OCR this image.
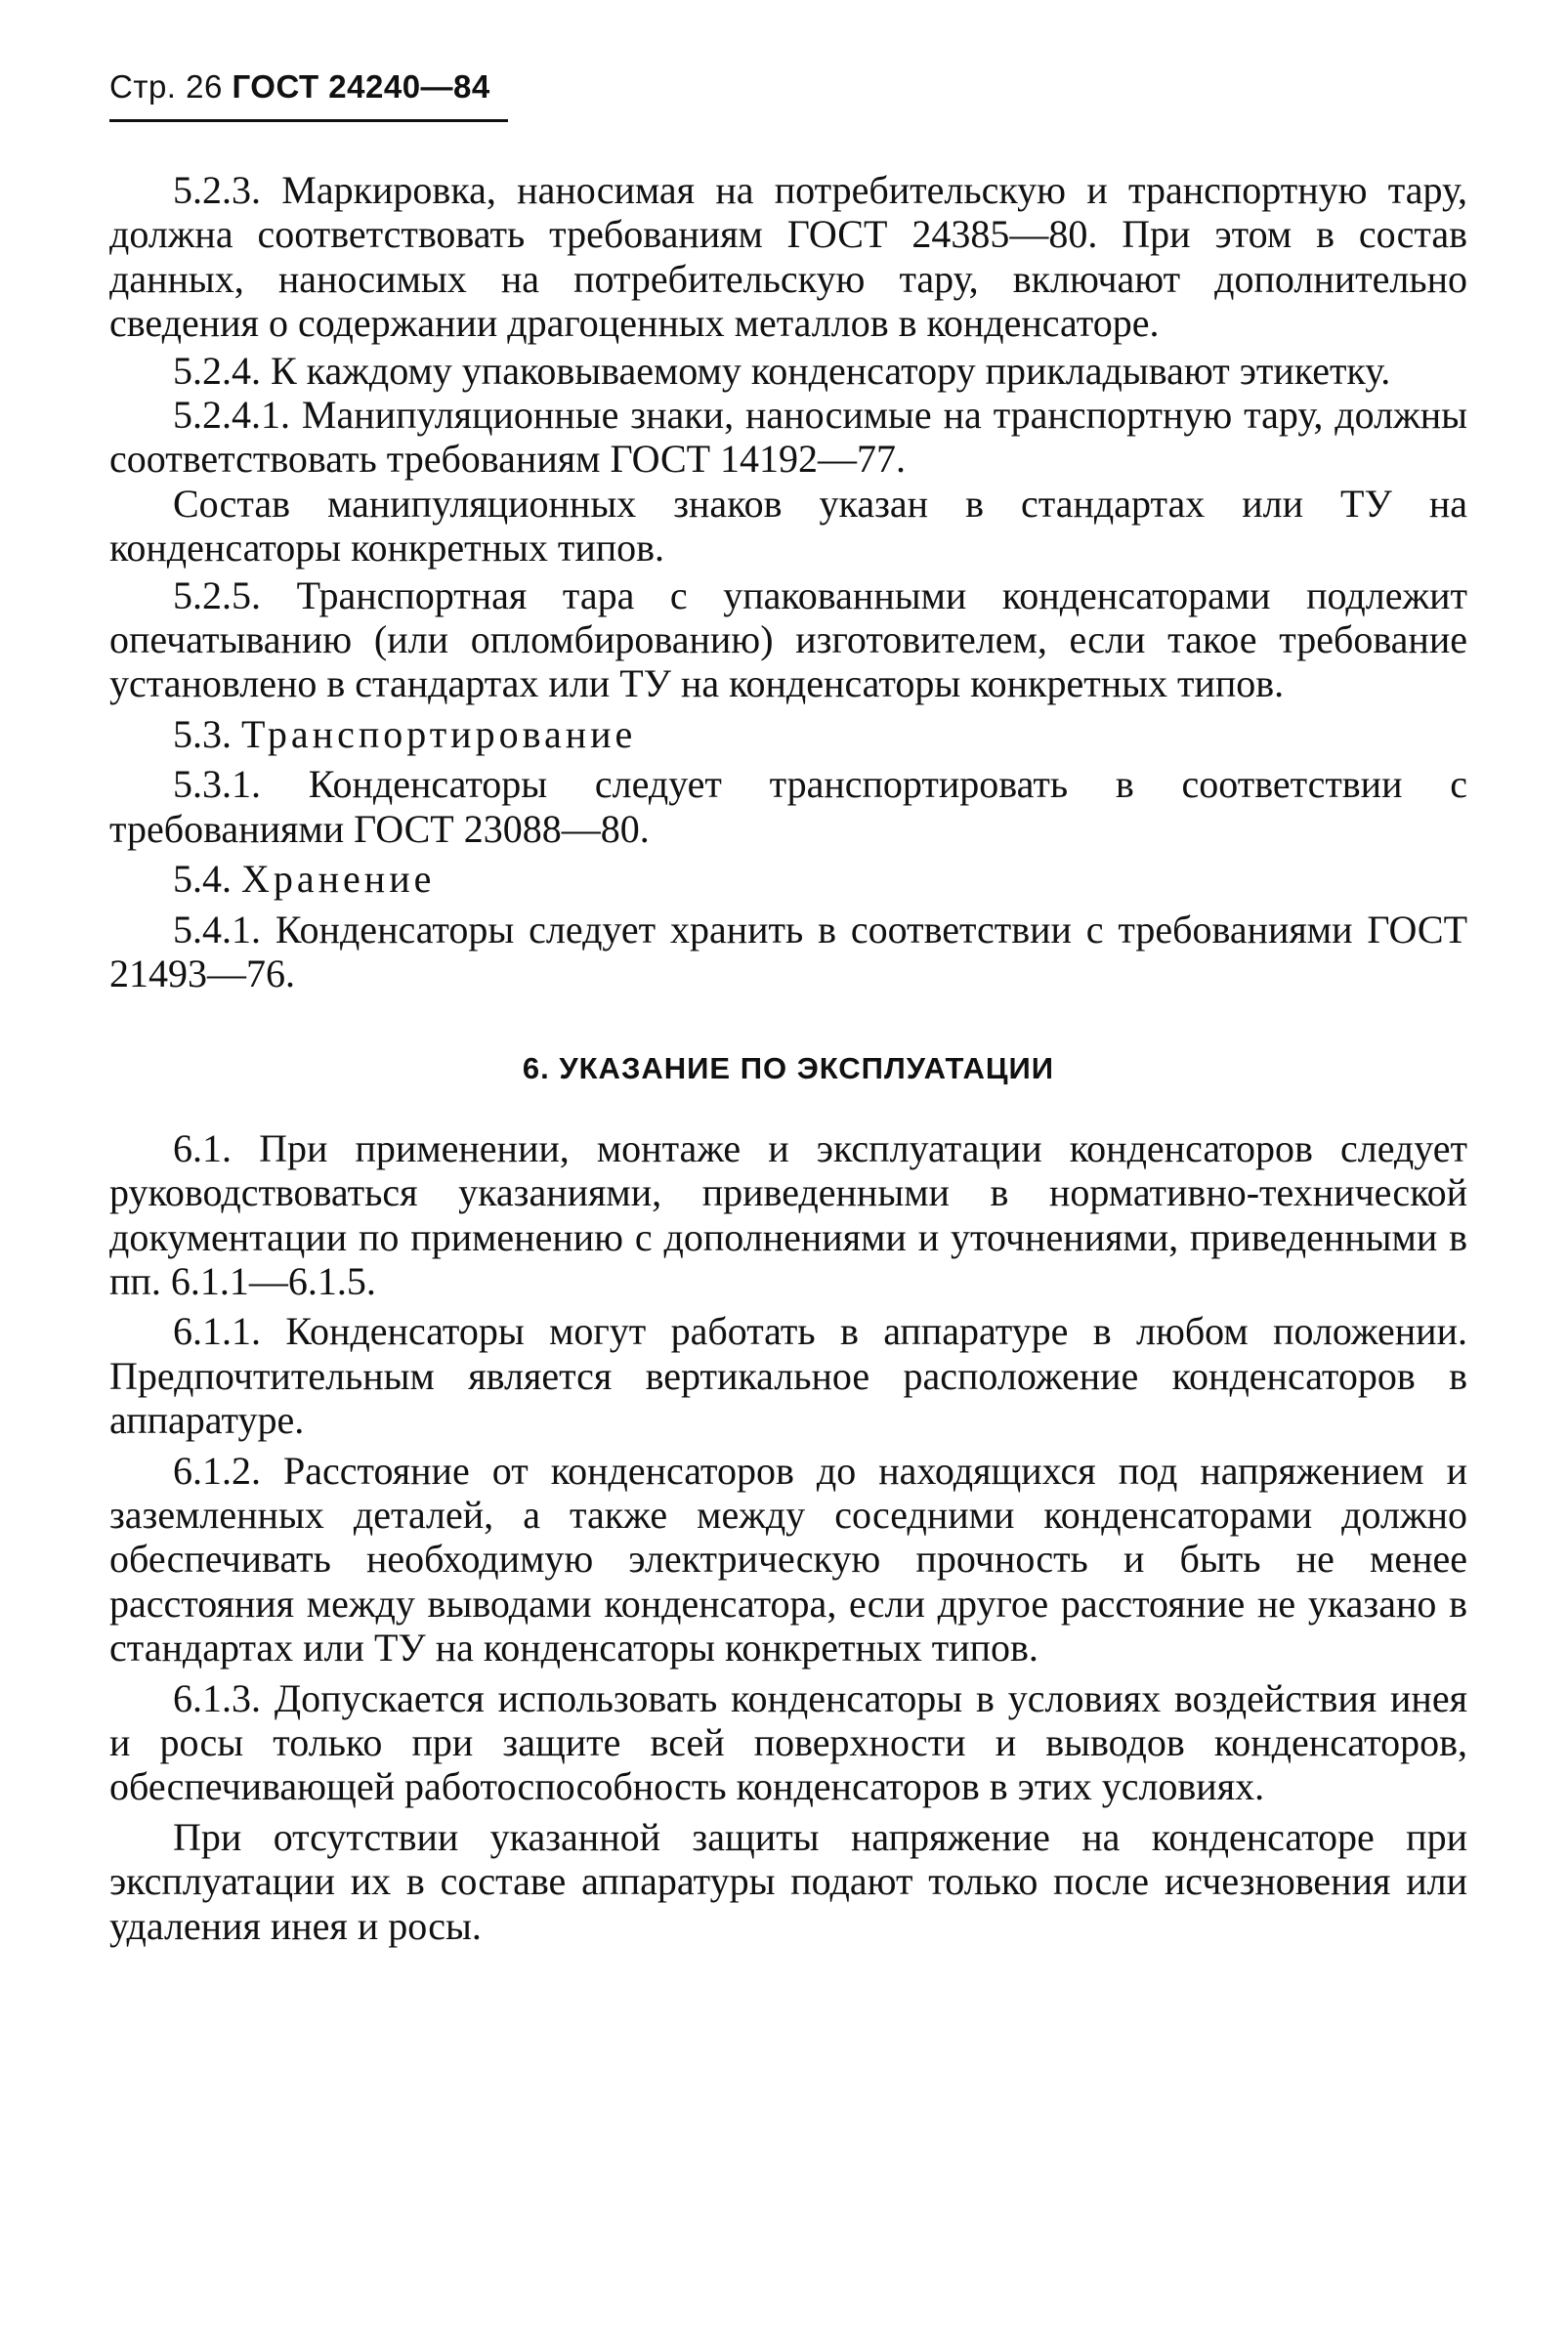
Стр. 26 ГОСТ 24240—84

5.2.3. Маркировка, наносимая на потребительскую и транспортную тару, должна соответствовать требованиям ГОСТ 24385—80. При этом в состав данных, наносимых на потребительскую тару, включают дополнительно сведения о содержании драгоценных металлов в конденсаторе.

5.2.4. К каждому упаковываемому конденсатору прикладывают этикетку.

5.2.4.1. Манипуляционные знаки, наносимые на транспортную тару, должны соответствовать требованиям ГОСТ 14192—77.

Состав манипуляционных знаков указан в стандартах или ТУ на конденсаторы конкретных типов.

5.2.5. Транспортная тара с упакованными конденсаторами подлежит опечатыванию (или опломбированию) изготовителем, если такое требование установлено в стандартах или ТУ на конденсаторы конкретных типов.

5.3. Транспортирование

5.3.1. Конденсаторы следует транспортировать в соответствии с требованиями ГОСТ 23088—80.

5.4. Хранение

5.4.1. Конденсаторы следует хранить в соответствии с требованиями ГОСТ 21493—76.

6. УКАЗАНИЕ ПО ЭКСПЛУАТАЦИИ

6.1. При применении, монтаже и эксплуатации конденсаторов следует руководствоваться указаниями, приведенными в нормативно-технической документации по применению с дополнениями и уточнениями, приведенными в пп. 6.1.1—6.1.5.

6.1.1. Конденсаторы могут работать в аппаратуре в любом положении. Предпочтительным является вертикальное расположение конденсаторов в аппаратуре.

6.1.2. Расстояние от конденсаторов до находящихся под напряжением и заземленных деталей, а также между соседними конденсаторами должно обеспечивать необходимую электрическую прочность и быть не менее расстояния между выводами конденсатора, если другое расстояние не указано в стандартах или ТУ на конденсаторы конкретных типов.

6.1.3. Допускается использовать конденсаторы в условиях воздействия инея и росы только при защите всей поверхности и выводов конденсаторов, обеспечивающей работоспособность конденсаторов в этих условиях.

При отсутствии указанной защиты напряжение на конденсаторе при эксплуатации их в составе аппаратуры подают только после исчезновения или удаления инея и росы.
